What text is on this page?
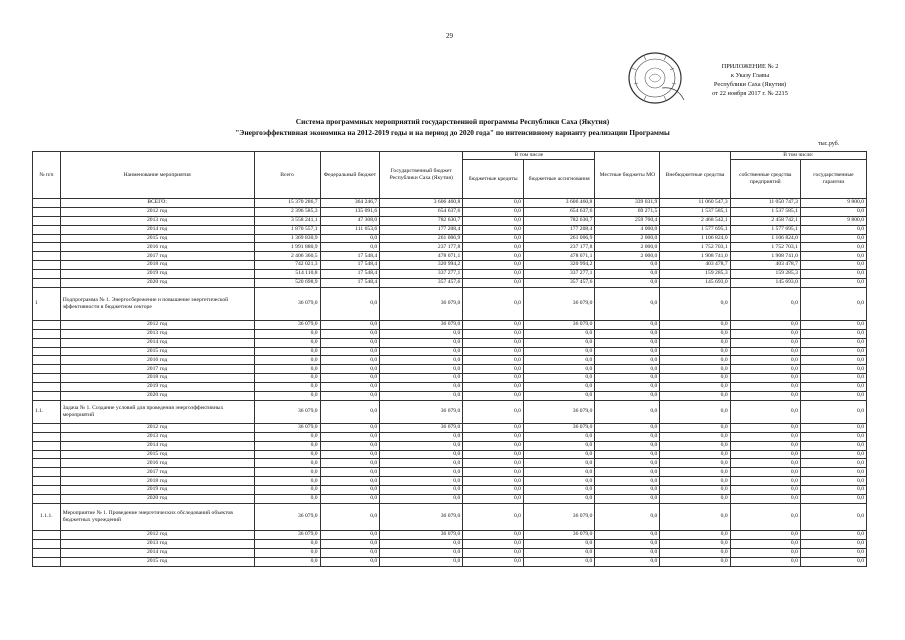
29
ПРИЛОЖЕНИЕ № 2
к Указу Главы
Республики Саха (Якутия)
от 22 ноября 2017 г. № 2215
Система программных мероприятий государственной программы Республики Саха (Якутия)
"Энергоэффективная экономика на 2012-2019 годы и на период до 2020 года" по интенсивному варианту реализации Программы
тыс.руб.
№ п/п	Наименование мероприятия	Всего	Федеральный бюджет	Государственный бюджет Республики Саха (Якутия)	В том числе		Местные бюджеты МО	Внебюджетные средства	В том числе:	
					бюджетные кредиты	бюджетные ассигнования			собственные средства предприятий	государственные гарантии
	ВСЕГО:	15 370 286,7	364 246,7	3 606 460,8	0,0	3 606 460,8	339 031,9	11 060 547,3	11 050 747,3	9 800,0
	2012 год	2 396 585,3	135 091,6	654 637,6	0,0	654 637,6	69 271,5	1 537 585,1	1 537 585,1	0,0
	2013 год	3 558 241,1	47 308,0	782 630,7	0,0	782 630,7	259 760,4	2 468 542,1	2 458 742,1	9 800,0
	2014 год	1 870 557,1	111 653,6	177 208,4	0,0	177 208,4	4 000,0	1 577 695,1	1 577 695,1	0,0
	2015 год	1 369 830,9	0,0	261 006,9	0,0	261 006,9	2 000,0	1 106 824,0	1 106 824,0	0,0
	2016 год	1 991 880,9	0,0	237 177,8	0,0	237 177,8	2 000,0	1 752 703,1	1 752 703,1	0,0
	2017 год	2 406 360,5	17 548,4	478 071,1	0,0	478 071,1	2 000,0	1 908 741,0	1 908 741,0	0,0
	2018 год	742 021,3	17 548,4	320 994,2	0,0	320 994,2	0,0	403 478,7	403 478,7	0,0
	2019 год	514 110,8	17 548,4	337 277,1	0,0	337 277,1	0,0	159 285,3	159 285,3	0,0
	2020 год	520 698,9	17 548,4	357 457,6	0,0	357 457,6	0,0	145 693,0	145 693,0	0,0
1	Подпрограмма № 1. Энергосбережение и повышение энергетической эффективности в бюджетном секторе	36 079,0	0,0	36 079,0	0,0	36 079,0	0,0	0,0	0,0	0,0
	2012 год	36 079,0	0,0	36 079,0	0,0	36 079,0	0,0	0,0	0,0	0,0
	2013 год	0,0	0,0	0,0	0,0	0,0	0,0	0,0	0,0	0,0
	2014 год	0,0	0,0	0,0	0,0	0,0	0,0	0,0	0,0	0,0
	2015 год	0,0	0,0	0,0	0,0	0,0	0,0	0,0	0,0	0,0
	2016 год	0,0	0,0	0,0	0,0	0,0	0,0	0,0	0,0	0,0
	2017 год	0,0	0,0	0,0	0,0	0,0	0,0	0,0	0,0	0,0
	2018 год	0,0	0,0	0,0	0,0	0,0	0,0	0,0	0,0	0,0
	2019 год	0,0	0,0	0,0	0,0	0,0	0,0	0,0	0,0	0,0
	2020 год	0,0	0,0	0,0	0,0	0,0	0,0	0,0	0,0	0,0
1.1.	Задача № 1. Создание условий для проведения энергоэффективных мероприятий	36 079,0	0,0	36 079,0	0,0	36 079,0	0,0	0,0	0,0	0,0
	2012 год	36 079,0	0,0	36 079,0	0,0	36 079,0	0,0	0,0	0,0	0,0
	2013 год	0,0	0,0	0,0	0,0	0,0	0,0	0,0	0,0	0,0
	2014 год	0,0	0,0	0,0	0,0	0,0	0,0	0,0	0,0	0,0
	2015 год	0,0	0,0	0,0	0,0	0,0	0,0	0,0	0,0	0,0
	2016 год	0,0	0,0	0,0	0,0	0,0	0,0	0,0	0,0	0,0
	2017 год	0,0	0,0	0,0	0,0	0,0	0,0	0,0	0,0	0,0
	2018 год	0,0	0,0	0,0	0,0	0,0	0,0	0,0	0,0	0,0
	2019 год	0,0	0,0	0,0	0,0	0,0	0,0	0,0	0,0	0,0
	2020 год	0,0	0,0	0,0	0,0	0,0	0,0	0,0	0,0	0,0
1.1.1.	Мероприятие № 1. Проведение энергетических обследований объектов бюджетных учреждений	36 079,0	0,0	36 079,0	0,0	36 079,0	0,0	0,0	0,0	0,0
	2012 год	36 079,0	0,0	36 079,0	0,0	36 079,0	0,0	0,0	0,0	0,0
	2013 год	0,0	0,0	0,0	0,0	0,0	0,0	0,0	0,0	0,0
	2014 год	0,0	0,0	0,0	0,0	0,0	0,0	0,0	0,0	0,0
	2015 год	0,0	0,0	0,0	0,0	0,0	0,0	0,0	0,0	0,0
